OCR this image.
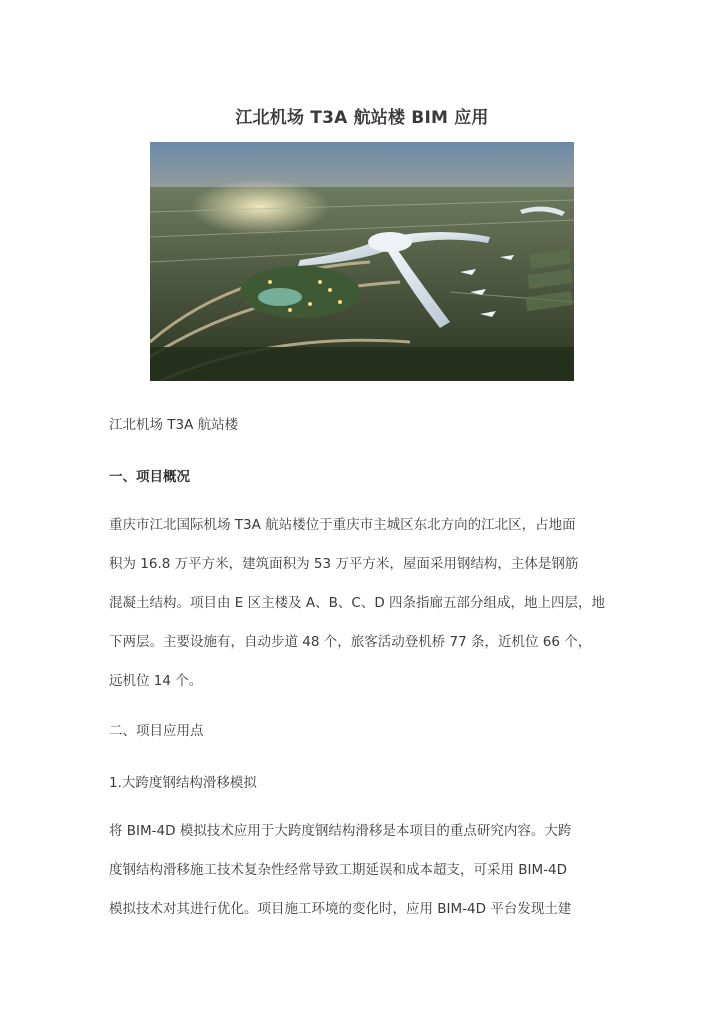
江北机场 T3A 航站楼 BIM 应用
江北机场 T3A 航站楼
一、项目概况
重庆市江北国际机场 T3A 航站楼位于重庆市主城区东北方向的江北区，占地面
积为 16.8 万平方米，建筑面积为 53 万平方米，屋面采用钢结构，主体是钢筋
混凝土结构。项目由 E 区主楼及 A、B、C、D 四条指廊五部分组成，地上四层，地
下两层。主要设施有，自动步道 48 个，旅客活动登机桥 77 条，近机位 66 个，
远机位 14 个。
二、项目应用点
1.大跨度钢结构滑移模拟
将 BIM-4D 模拟技术应用于大跨度钢结构滑移是本项目的重点研究内容。大跨
度钢结构滑移施工技术复杂性经常导致工期延误和成本超支，可采用 BIM-4D
模拟技术对其进行优化。项目施工环境的变化时，应用 BIM-4D 平台发现土建
